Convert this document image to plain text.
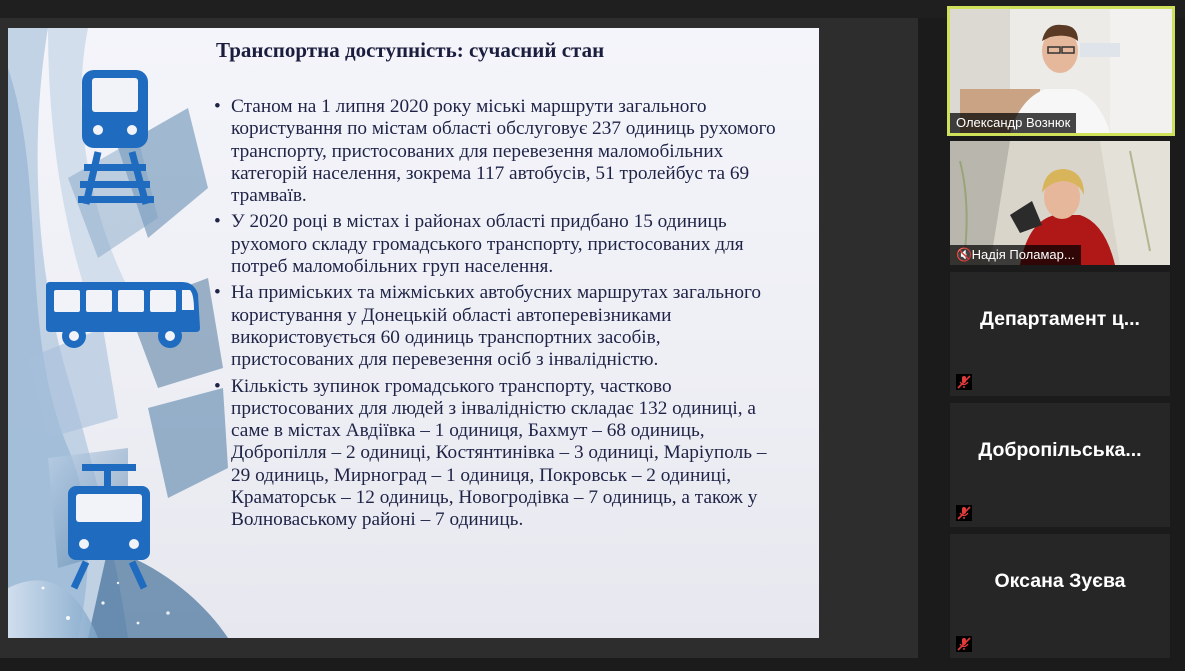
Транспортна доступність: сучасний стан
• Станом на 1 липня 2020 року міські маршрути загального користування по містам області обслуговує 237 одиниць рухомого транспорту, пристосованих для перевезення маломобільних категорій населення, зокрема 117 автобусів, 51 тролейбус та 69 трамваїв.
• У 2020 році в містах і районах області придбано 15 одиниць рухомого складу громадського транспорту, пристосованих для потреб маломобільних груп населення.
• На приміських та міжміських автобусних маршрутах загального користування у Донецькій області автоперевізниками використовується 60 одиниць транспортних засобів, пристосованих для перевезення осіб з інвалідністю.
• Кількість зупинок громадського транспорту, частково пристосованих для людей з інвалідністю складає 132 одиниці, а саме в містах Авдіївка – 1 одиниця, Бахмут – 68 одиниць, Добропілля – 2 одиниці, Костянтинівка – 3 одиниці, Маріуполь – 29 одиниць, Мирноград – 1 одиниця, Покровськ – 2 одиниці, Краматорськ – 12 одиниць, Новогродівка – 7 одиниць, а також у Волноваському районі – 7 одиниць.
Олександр Вознюк
🔇 Надія Поламар...
Департамент ц...
Добропільська...
Оксана Зуєва
